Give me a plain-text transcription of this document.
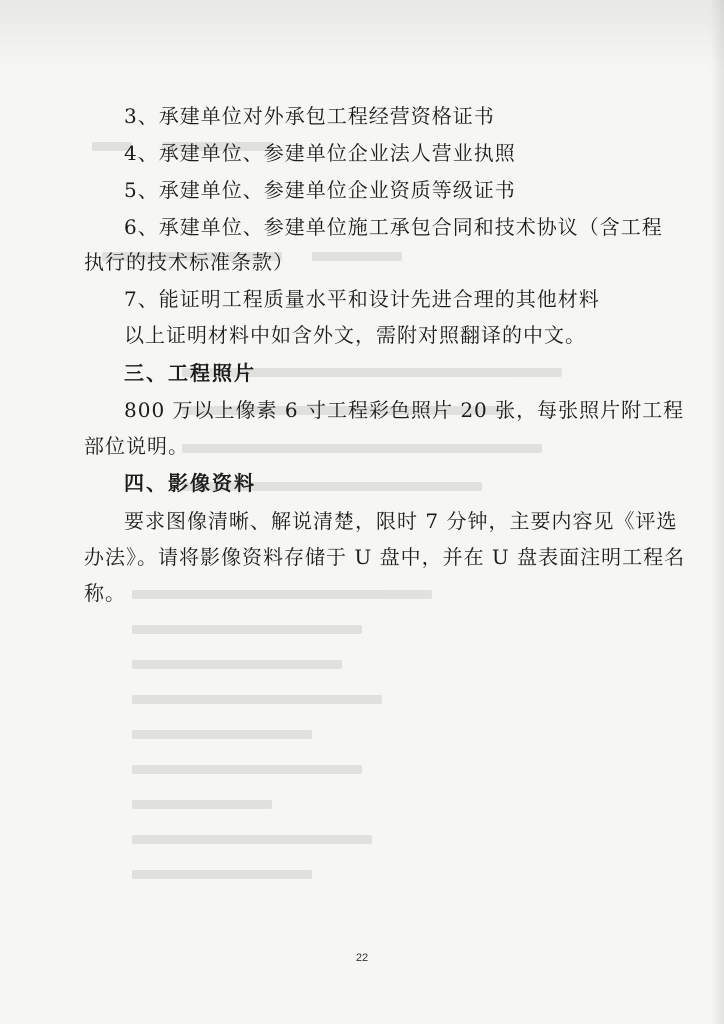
3、承建单位对外承包工程经营资格证书
4、承建单位、参建单位企业法人营业执照
5、承建单位、参建单位企业资质等级证书
6、承建单位、参建单位施工承包合同和技术协议（含工程
执行的技术标准条款）
7、能证明工程质量水平和设计先进合理的其他材料
以上证明材料中如含外文，需附对照翻译的中文。
三、工程照片
800 万以上像素 6 寸工程彩色照片 20 张，每张照片附工程
部位说明。
四、影像资料
要求图像清晰、解说清楚，限时 7 分钟，主要内容见《评选
办法》。请将影像资料存储于 U 盘中，并在 U 盘表面注明工程名
称。
22
